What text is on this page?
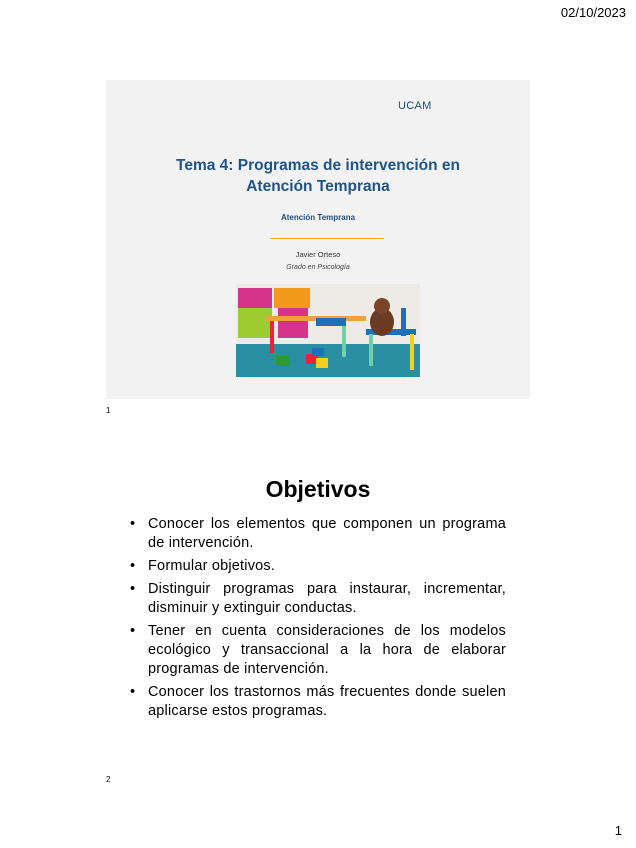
02/10/2023
UCAM
Tema 4: Programas de intervención en
Atención Temprana
Atención Temprana
Javier Orteso
Grado en Psicología
1
Objetivos
• Conocer los elementos que componen un programa de intervención.
• Formular objetivos.
• Distinguir programas para instaurar, incrementar, disminuir y extinguir conductas.
• Tener en cuenta consideraciones de los modelos ecológico y transaccional a la hora de elaborar programas de intervención.
• Conocer los trastornos más frecuentes donde suelen aplicarse estos programas.
2
1
